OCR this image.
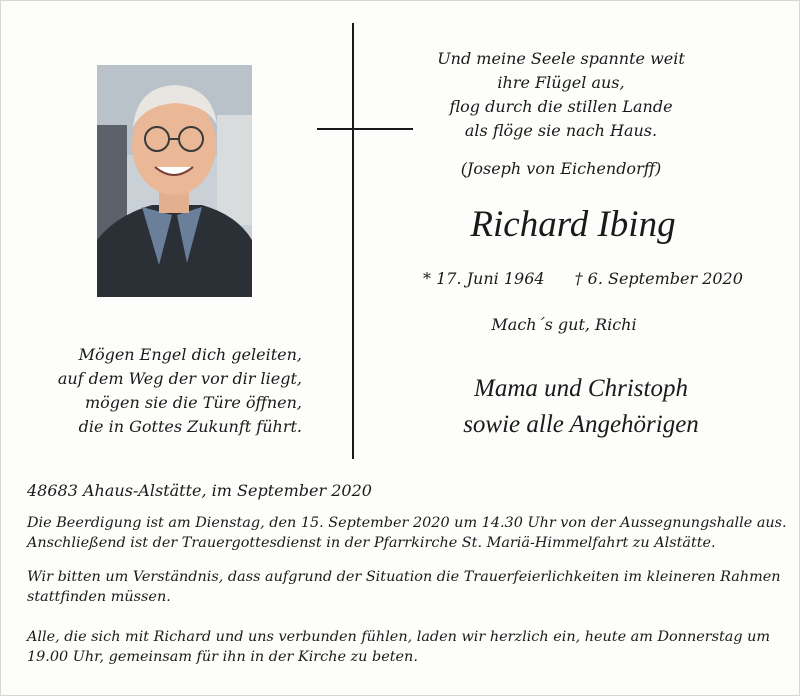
Und meine Seele spannte weit
ihre Flügel aus,
flog durch die stillen Lande
als flöge sie nach Haus.
(Joseph von Eichendorff)
Richard Ibing
* 17. Juni 1964 † 6. September 2020
Mach´s gut, Richi
Mama und Christoph
sowie alle Angehörigen
Mögen Engel dich geleiten,
auf dem Weg der vor dir liegt,
mögen sie die Türe öffnen,
die in Gottes Zukunft führt.
48683 Ahaus-Alstätte, im September 2020
Die Beerdigung ist am Dienstag, den 15. September 2020 um 14.30 Uhr von der Aussegnungshalle aus.
Anschließend ist der Trauergottesdienst in der Pfarrkirche St. Mariä-Himmelfahrt zu Alstätte.
Wir bitten um Verständnis, dass aufgrund der Situation die Trauerfeierlichkeiten im kleineren Rahmen
stattfinden müssen.
Alle, die sich mit Richard und uns verbunden fühlen, laden wir herzlich ein, heute am Donnerstag um
19.00 Uhr, gemeinsam für ihn in der Kirche zu beten.
